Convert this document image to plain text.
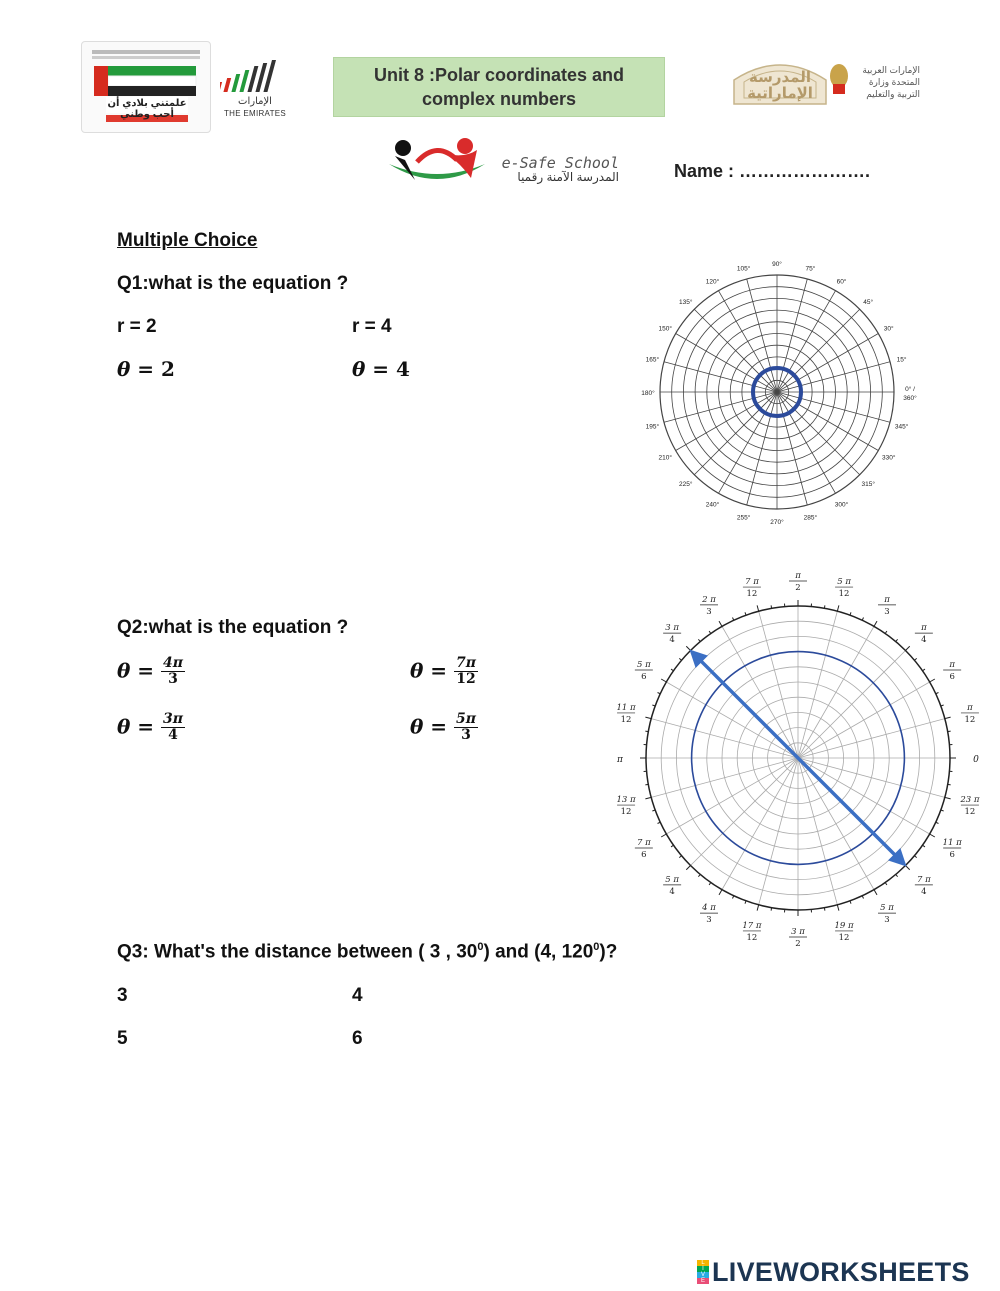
علمتني بلادي أن أحب وطني
الإمارات
THE EMIRATES
Unit 8 :Polar coordinates and
complex numbers
المدرسة الإماراتية
الإمارات العربية المتحدة وزارة التربية والتعليم
e-Safe School
المدرسة الآمنة رقميا	Name : ………………….
Multiple Choice
Q1:what is the equation ?
r = 2	r = 4
θ = 2	θ = 4
90°
75°
60°
45°
30°
15°
0° /
360°
345°
330°
315°
300°
285°
270°
255°
240°
225°
210°
195°
180°
165°
150°
135°
120°
105°
Q2:what is the equation ?
$\theta = \frac{4\pi}{3}$	$\theta = \frac{7\pi}{12}$
$\theta = \frac{3\pi}{4}$	$\theta = \frac{5\pi}{3}$
0
π
12
π
6
π
4
π
3
5 π
12
π
2
7 π
12
2 π
3
3 π
4
5 π
6
11 π
12
π
13 π
12
7 π
6
5 π
4
4 π
3
17 π
12
3 π
2
19 π
12
5 π
3
7 π
4
11 π
6
23 π
12
Q3: What's the distance between ( 3 , $30^0$) and (4, $120^0$)?
3	4
5	6
L
I
V
E LIVEWORKSHEETS
